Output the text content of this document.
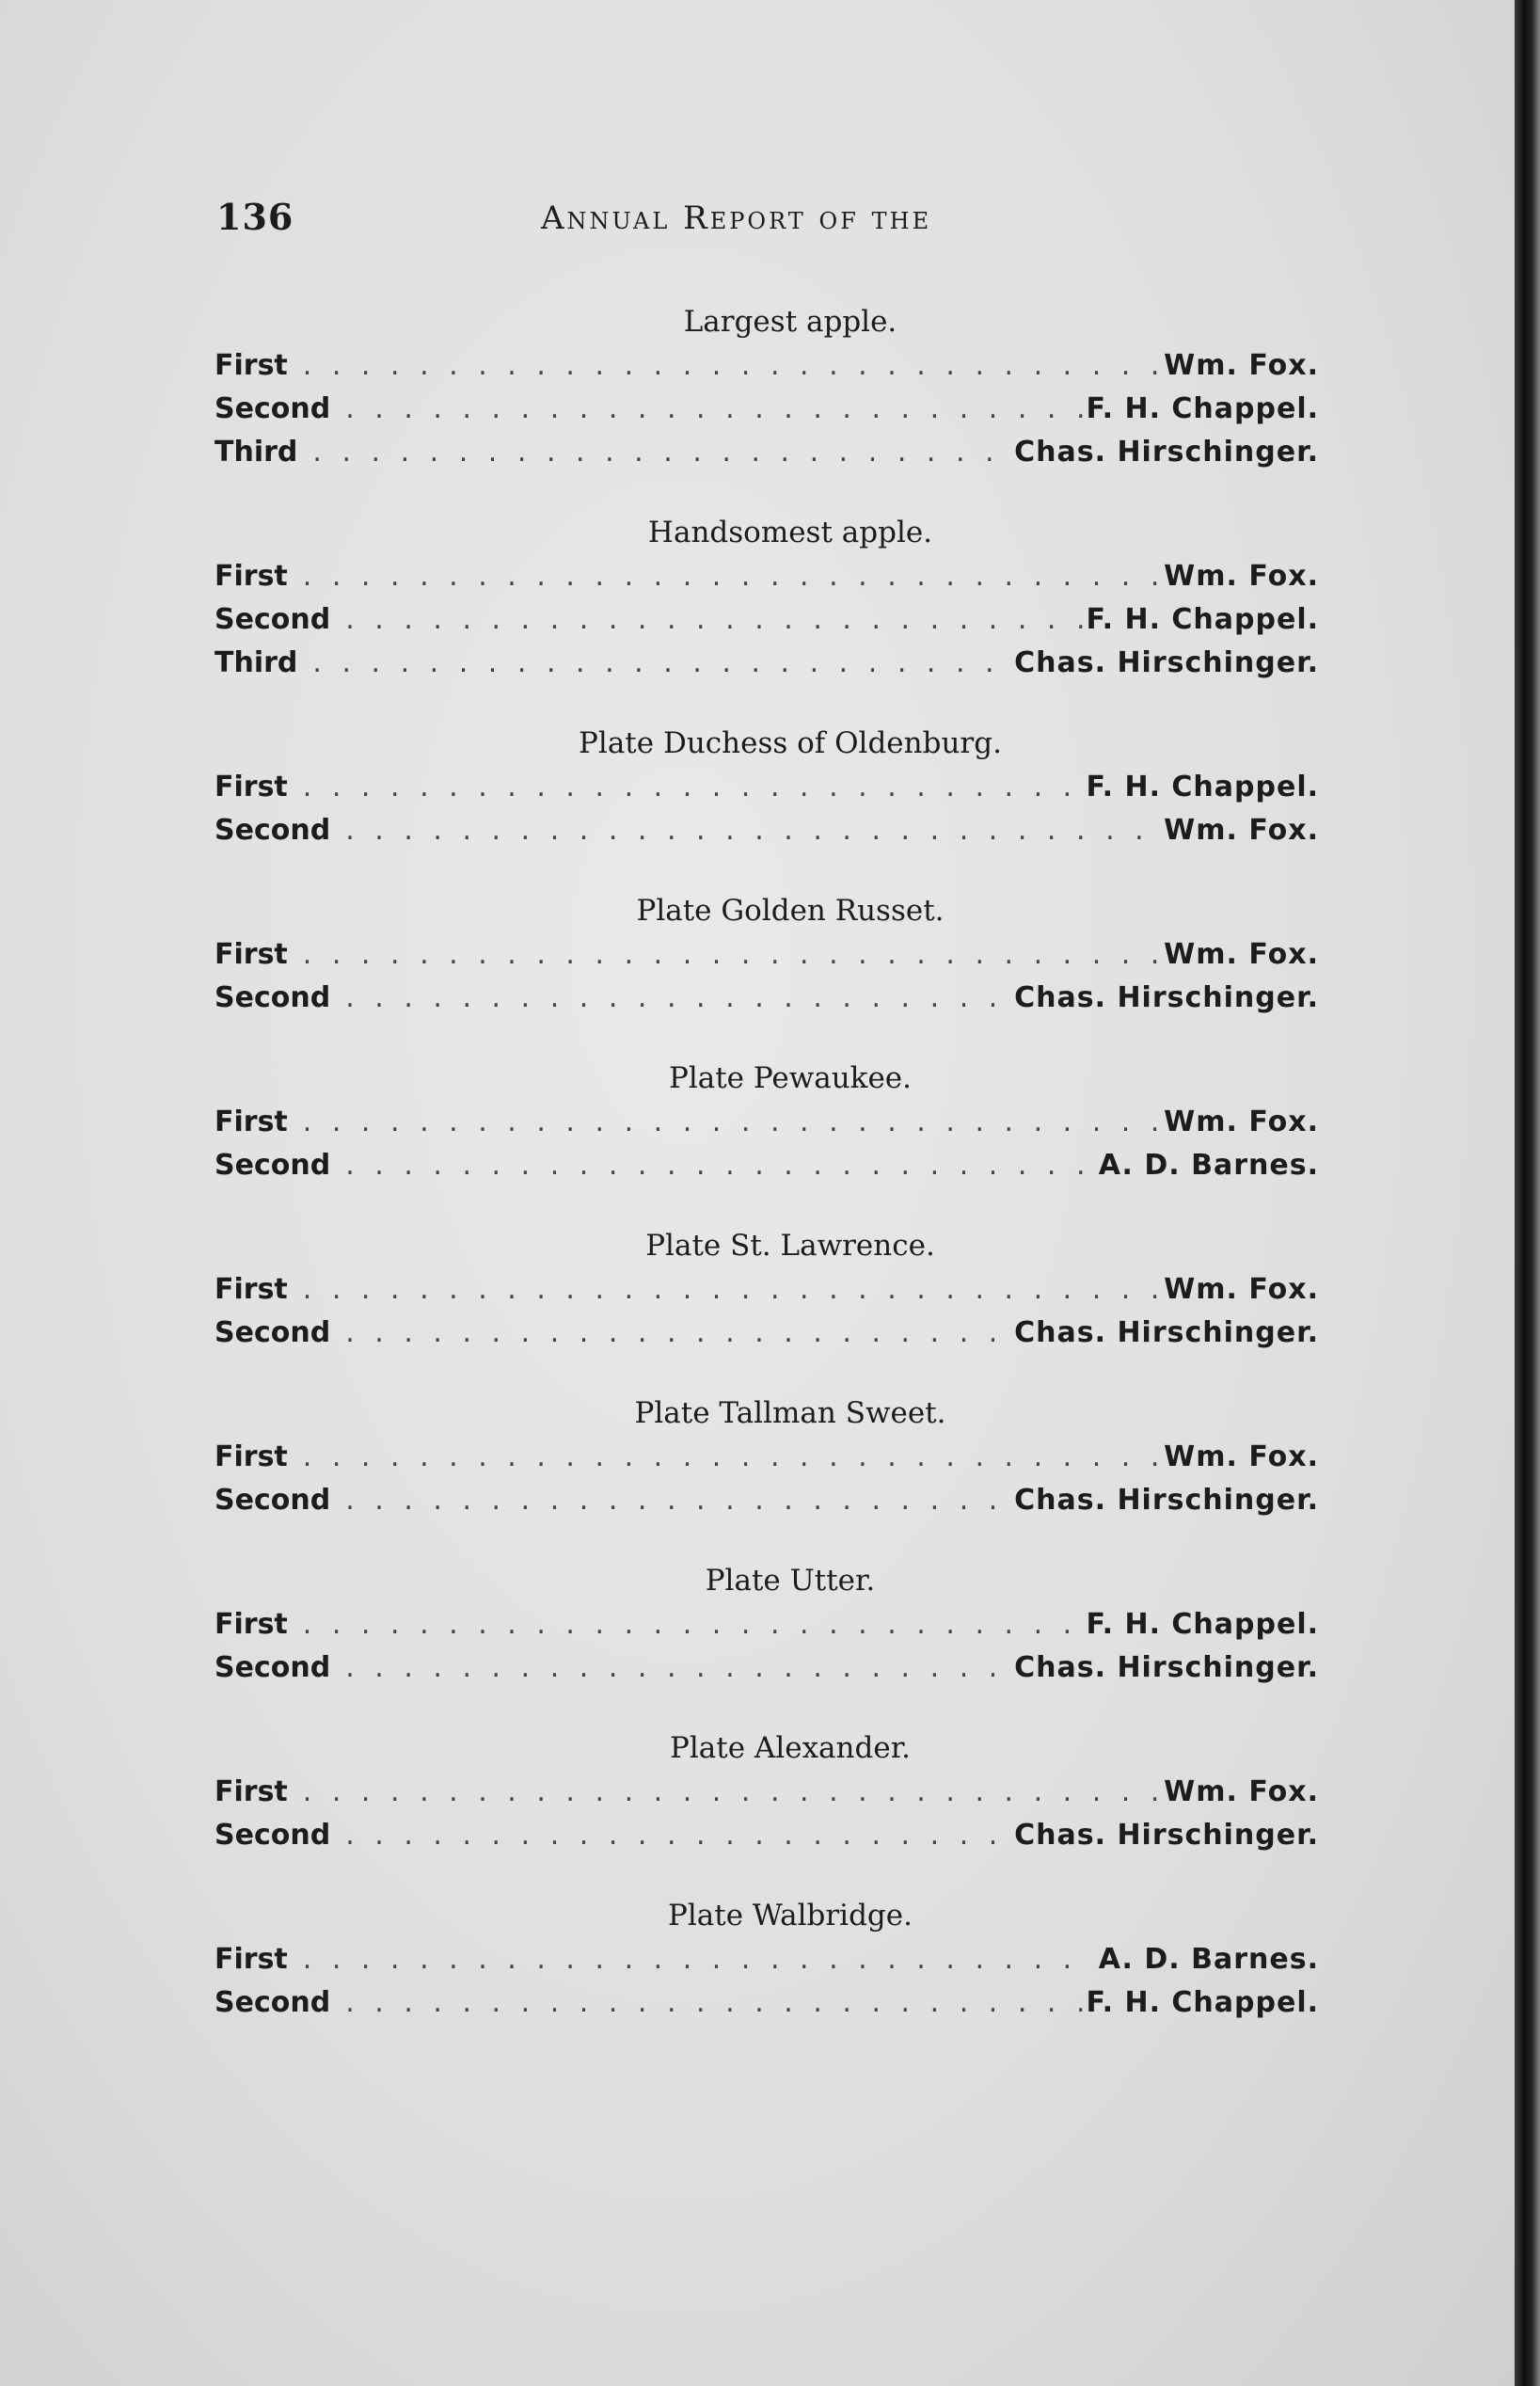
136	Annual Report of the
Largest apple.
First . . .	Wm. Fox.
Second . . .	F. H. Chappel.
Third . . .	Chas. Hirschinger.
Handsomest apple.
First . . .	Wm. Fox.
Second . . .	F. H. Chappel.
Third . . .	Chas. Hirschinger.
Plate Duchess of Oldenburg.
First . . .	F. H. Chappel.
Second . . .	Wm. Fox.
Plate Golden Russet.
First . . .	Wm. Fox.
Second . . .	Chas. Hirschinger.
Plate Pewaukee.
First . . .	Wm. Fox.
Second . . .	A. D. Barnes.
Plate St. Lawrence.
First . . .	Wm. Fox.
Second . . .	Chas. Hirschinger.
Plate Tallman Sweet.
First . . .	Wm. Fox.
Second . . .	Chas. Hirschinger.
Plate Utter.
First . . .	F. H. Chappel.
Second . . .	Chas. Hirschinger.
Plate Alexander.
First . . .	Wm. Fox.
Second . . .	Chas. Hirschinger.
Plate Walbridge.
First . . .	A. D. Barnes.
Second . . .	F. H. Chappel.
